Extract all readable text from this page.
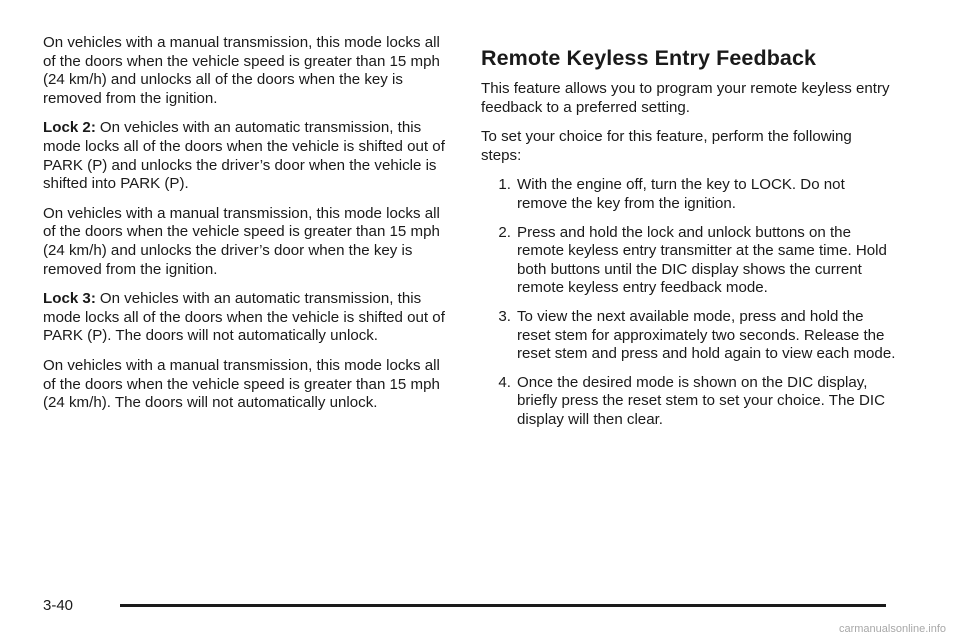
On vehicles with a manual transmission, this mode locks all of the doors when the vehicle speed is greater than 15 mph (24 km/h) and unlocks all of the doors when the key is removed from the ignition.

Lock 2: On vehicles with an automatic transmission, this mode locks all of the doors when the vehicle is shifted out of PARK (P) and unlocks the driver’s door when the vehicle is shifted into PARK (P).

On vehicles with a manual transmission, this mode locks all of the doors when the vehicle speed is greater than 15 mph (24 km/h) and unlocks the driver’s door when the key is removed from the ignition.

Lock 3: On vehicles with an automatic transmission, this mode locks all of the doors when the vehicle is shifted out of PARK (P). The doors will not automatically unlock.

On vehicles with a manual transmission, this mode locks all of the doors when the vehicle speed is greater than 15 mph (24 km/h). The doors will not automatically unlock.

Remote Keyless Entry Feedback

This feature allows you to program your remote keyless entry feedback to a preferred setting.

To set your choice for this feature, perform the following steps:

1. With the engine off, turn the key to LOCK. Do not remove the key from the ignition.
2. Press and hold the lock and unlock buttons on the remote keyless entry transmitter at the same time. Hold both buttons until the DIC display shows the current remote keyless entry feedback mode.
3. To view the next available mode, press and hold the reset stem for approximately two seconds. Release the reset stem and press and hold again to view each mode.
4. Once the desired mode is shown on the DIC display, briefly press the reset stem to set your choice. The DIC display will then clear.
3-40
carmanualsonline.info
